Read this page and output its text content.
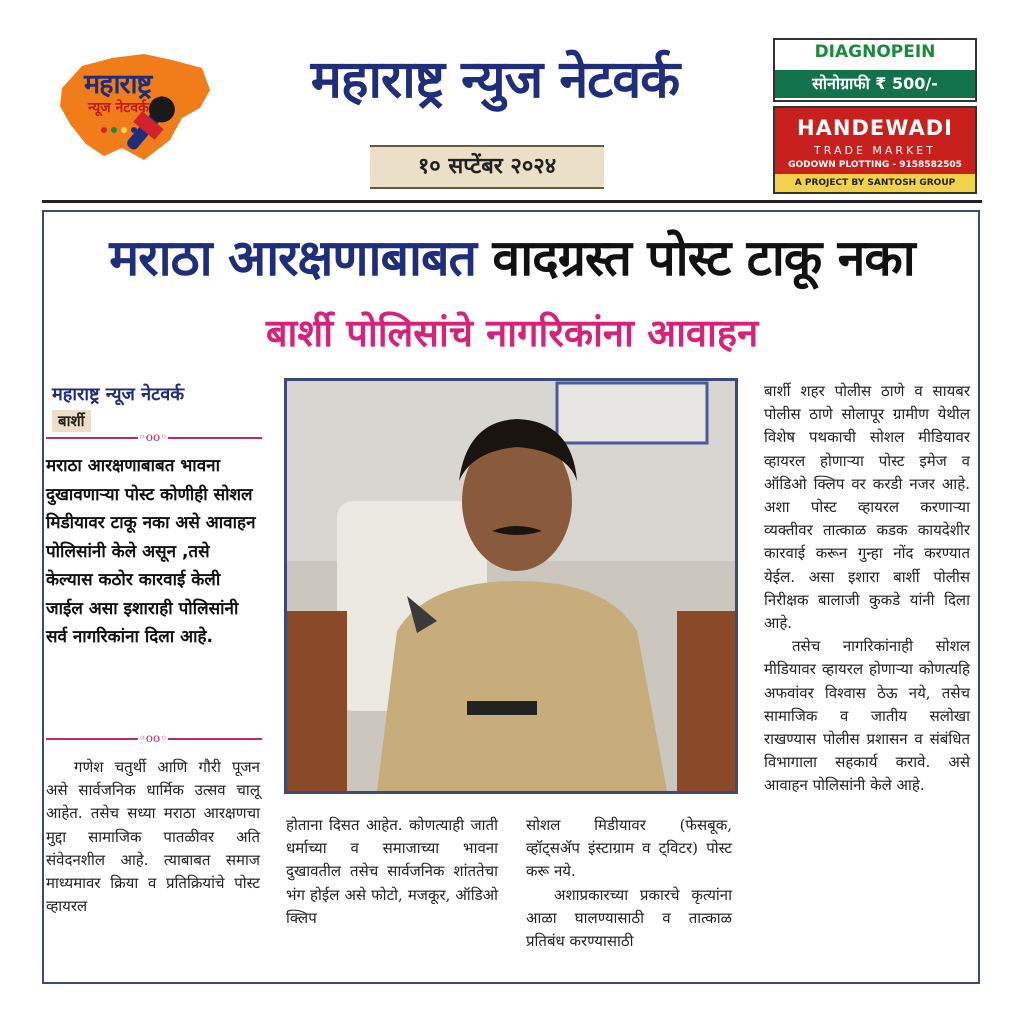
महाराष्ट्र
न्यूज नेटवर्क	महाराष्ट्र न्युज नेटवर्क
१० सप्टेंबर २०२४
DIAGNOPEIN
सोनोग्राफी ₹ 500/-
HANDEWADI
TRADE MARKET
GODOWN PLOTTING - 9158582505
A PROJECT BY SANTOSH GROUP
मराठा आरक्षणाबाबत वादग्रस्त पोस्ट टाकू नका
बार्शी पोलिसांचे नागरिकांना आवाहन
महाराष्ट्र न्यूज नेटवर्क
बार्शी
◦oo◦
मराठा आरक्षणाबाबत भावना दुखावणाऱ्या पोस्ट कोणीही सोशल मिडीयावर टाकू नका असे आवाहन पोलिसांनी केले असून ,तसे केल्यास कठोर कारवाई केली जाईल असा इशाराही पोलिसांनी सर्व नागरिकांना दिला आहे.
◦oo◦
गणेश चतुर्थी आणि गौरी पूजन असे सार्वजनिक धार्मिक उत्सव चालू आहेत. तसेच सध्या मराठा आरक्षणचा मुद्दा सामाजिक पातळीवर अति संवेदनशील आहे. त्याबाबत समाज माध्यमावर क्रिया व प्रतिक्रियांचे पोस्ट व्हायरल
होताना दिसत आहेत. कोणत्याही जाती धर्माच्या व समाजाच्या भावना दुखावतील तसेच सार्वजनिक शांततेचा भंग होईल असे फोटो, मजकूर, ऑडिओ क्लिप
सोशल मिडीयावर (फेसबूक, व्हॉट्सॲप इंस्टाग्राम व ट्विटर) पोस्ट करू नये.
अशाप्रकारच्या प्रकारचे कृत्यांना आळा घालण्यासाठी व तात्काळ प्रतिबंध करण्यासाठी
बार्शी शहर पोलीस ठाणे व सायबर पोलीस ठाणे सोलापूर ग्रामीण येथील विशेष पथकाची सोशल मीडियावर व्हायरल होणाऱ्या पोस्ट इमेज व ऑडिओ क्लिप वर करडी नजर आहे. अशा पोस्ट व्हायरल करणाऱ्या व्यक्तीवर तात्काळ कडक कायदेशीर कारवाई करून गुन्हा नोंद करण्यात येईल. असा इशारा बार्शी पोलीस निरीक्षक बालाजी कुकडे यांनी दिला आहे.
तसेच नागरिकांनाही सोशल मीडियावर व्हायरल होणाऱ्या कोणत्यहि अफवांवर विश्वास ठेऊ नये, तसेच सामाजिक व जातीय सलोखा राखण्यास पोलीस प्रशासन व संबंधित विभागाला सहकार्य करावे. असे आवाहन पोलिसांनी केले आहे.
